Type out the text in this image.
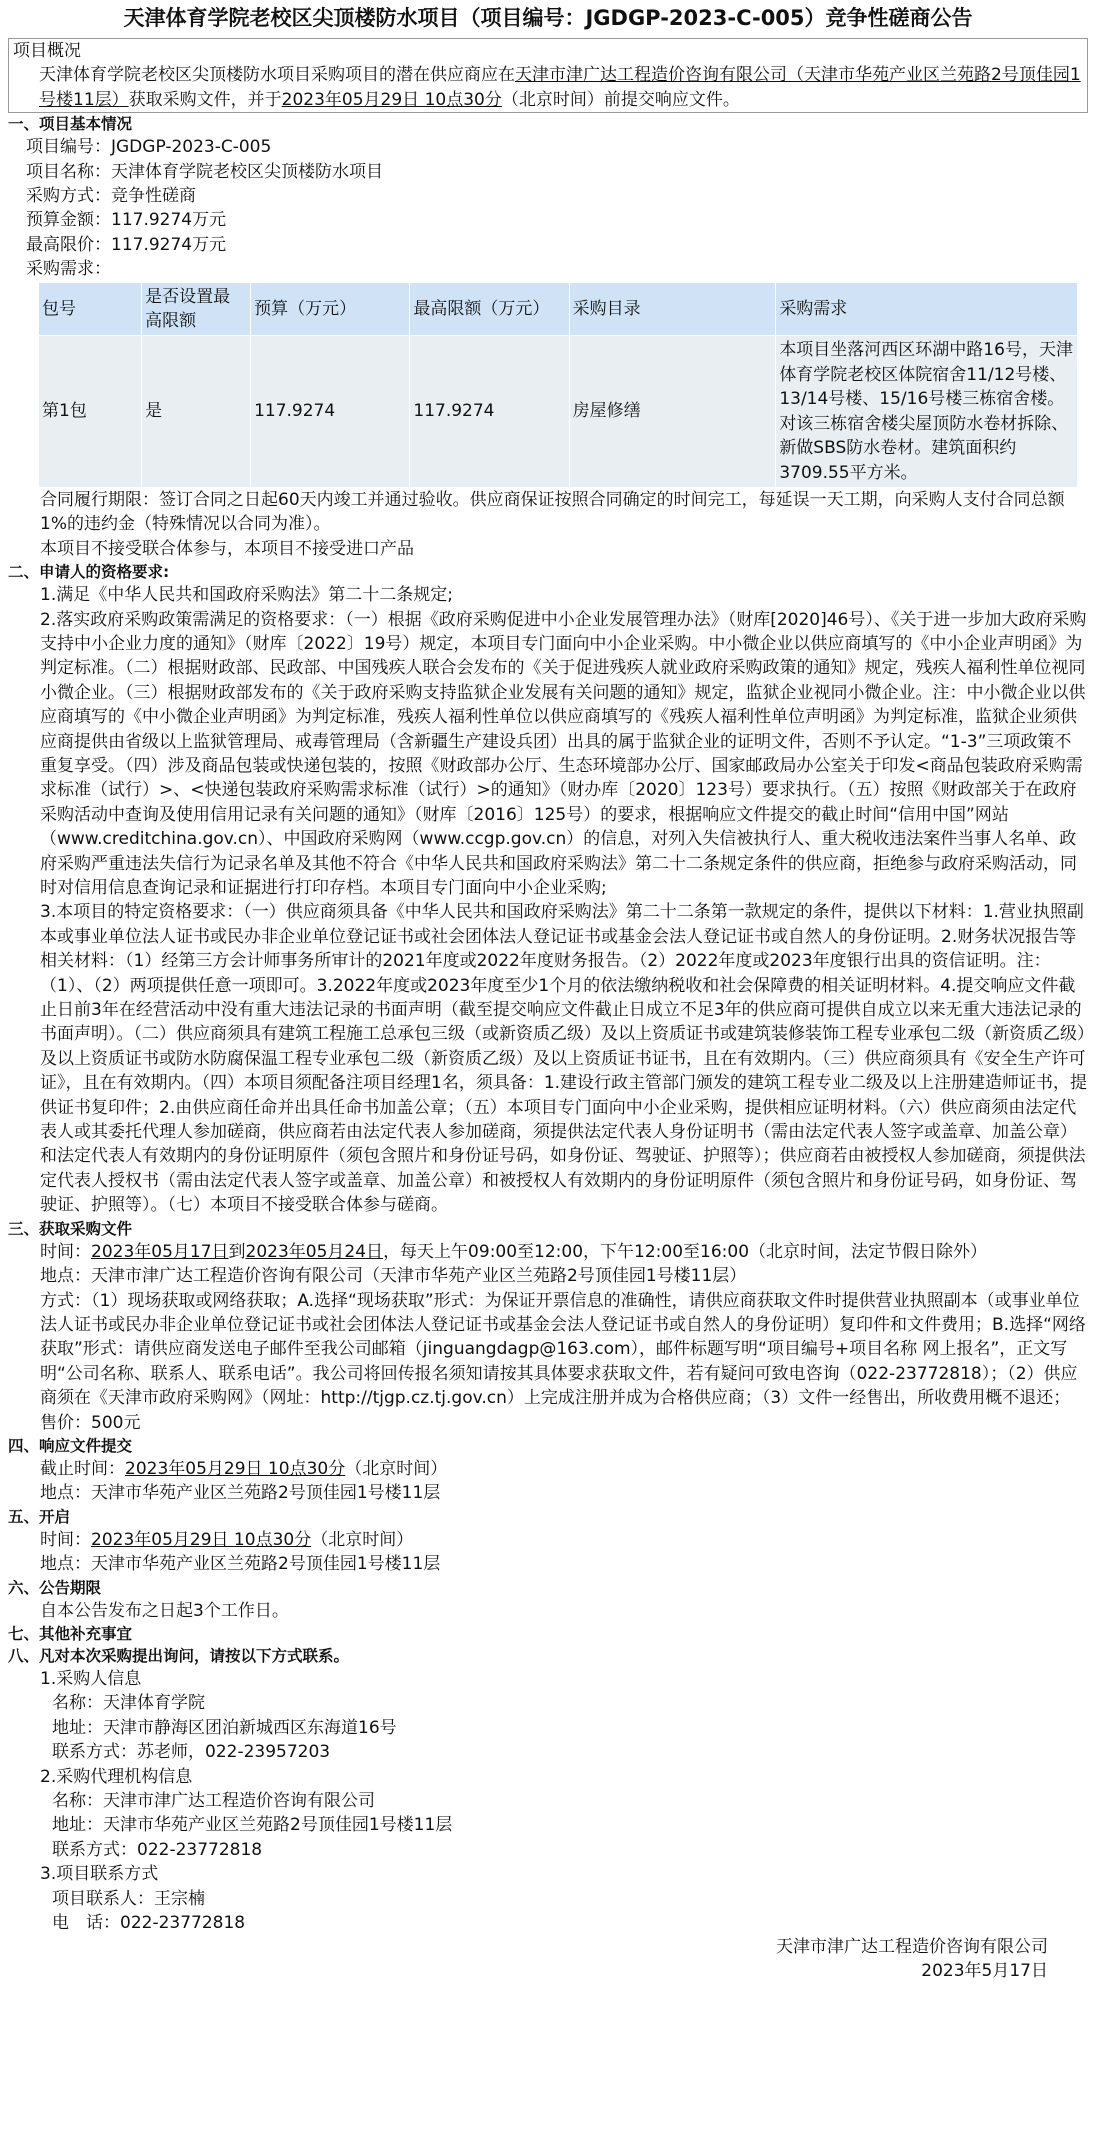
天津体育学院老校区尖顶楼防水项目（项目编号：JGDGP-2023-C-005）竞争性磋商公告
项目概况
天津体育学院老校区尖顶楼防水项目采购项目的潜在供应商应在天津市津广达工程造价咨询有限公司（天津市华苑产业区兰苑路2号顶佳园1号楼11层）获取采购文件，并于2023年05月29日 10点30分（北京时间）前提交响应文件。
一、项目基本情况

项目编号：JGDGP-2023-C-005

项目名称：天津体育学院老校区尖顶楼防水项目

采购方式：竞争性磋商

预算金额：117.9274万元

最高限价：117.9274万元

采购需求：

包号	是否设置最高限额	预算（万元）	最高限额（万元）	采购目录	采购需求
第1包	是	117.9274	117.9274	房屋修缮	本项目坐落河西区环湖中路16号，天津体育学院老校区体院宿舍11/12号楼、13/14号楼、15/16号楼三栋宿舍楼。对该三栋宿舍楼尖屋顶防水卷材拆除、新做SBS防水卷材。建筑面积约3709.55平方米。
合同履行期限：签订合同之日起60天内竣工并通过验收。供应商保证按照合同确定的时间完工，每延误一天工期，向采购人支付合同总额1%的违约金（特殊情况以合同为准）。
本项目不接受联合体参与，本项目不接受进口产品
二、申请人的资格要求:
1.满足《中华人民共和国政府采购法》第二十二条规定;
2.落实政府采购政策需满足的资格要求：（一）根据《政府采购促进中小企业发展管理办法》（财库[2020]46号）、《关于进一步加大政府采购支持中小企业力度的通知》（财库〔2022〕19号）规定，本项目专门面向中小企业采购。中小微企业以供应商填写的《中小企业声明函》为判定标准。（二）根据财政部、民政部、中国残疾人联合会发布的《关于促进残疾人就业政府采购政策的通知》规定，残疾人福利性单位视同小微企业。（三）根据财政部发布的《关于政府采购支持监狱企业发展有关问题的通知》规定，监狱企业视同小微企业。注：中小微企业以供应商填写的《中小微企业声明函》为判定标准，残疾人福利性单位以供应商填写的《残疾人福利性单位声明函》为判定标准，监狱企业须供应商提供由省级以上监狱管理局、戒毒管理局（含新疆生产建设兵团）出具的属于监狱企业的证明文件，否则不予认定。“1-3”三项政策不重复享受。（四）涉及商品包装或快递包装的，按照《财政部办公厅、生态环境部办公厅、国家邮政局办公室关于印发<商品包装政府采购需求标准（试行）>、<快递包装政府采购需求标准（试行）>的通知》（财办库〔2020〕123号）要求执行。（五）按照《财政部关于在政府采购活动中查询及使用信用记录有关问题的通知》（财库〔2016〕125号）的要求，根据响应文件提交的截止时间“信用中国”网站（www.creditchina.gov.cn）、中国政府采购网（www.ccgp.gov.cn）的信息，对列入失信被执行人、重大税收违法案件当事人名单、政府采购严重违法失信行为记录名单及其他不符合《中华人民共和国政府采购法》第二十二条规定条件的供应商，拒绝参与政府采购活动，同时对信用信息查询记录和证据进行打印存档。本项目专门面向中小企业采购;
3.本项目的特定资格要求：（一）供应商须具备《中华人民共和国政府采购法》第二十二条第一款规定的条件，提供以下材料：1.营业执照副本或事业单位法人证书或民办非企业单位登记证书或社会团体法人登记证书或基金会法人登记证书或自然人的身份证明。2.财务状况报告等相关材料：（1）经第三方会计师事务所审计的2021年度或2022年度财务报告。（2）2022年度或2023年度银行出具的资信证明。注：（1）、（2）两项提供任意一项即可。3.2022年度或2023年度至少1个月的依法缴纳税收和社会保障费的相关证明材料。4.提交响应文件截止日前3年在经营活动中没有重大违法记录的书面声明（截至提交响应文件截止日成立不足3年的供应商可提供自成立以来无重大违法记录的书面声明）。（二）供应商须具有建筑工程施工总承包三级（或新资质乙级）及以上资质证书或建筑装修装饰工程专业承包二级（新资质乙级）及以上资质证书或防水防腐保温工程专业承包二级（新资质乙级）及以上资质证书证书，且在有效期内。（三）供应商须具有《安全生产许可证》，且在有效期内。（四）本项目须配备注项目经理1名，须具备：1.建设行政主管部门颁发的建筑工程专业二级及以上注册建造师证书，提供证书复印件；2.由供应商任命并出具任命书加盖公章；（五）本项目专门面向中小企业采购，提供相应证明材料。（六）供应商须由法定代表人或其委托代理人参加磋商，供应商若由法定代表人参加磋商，须提供法定代表人身份证明书（需由法定代表人签字或盖章、加盖公章）和法定代表人有效期内的身份证明原件（须包含照片和身份证号码，如身份证、驾驶证、护照等）；供应商若由被授权人参加磋商，须提供法定代表人授权书（需由法定代表人签字或盖章、加盖公章）和被授权人有效期内的身份证明原件（须包含照片和身份证号码，如身份证、驾驶证、护照等）。（七）本项目不接受联合体参与磋商。
三、获取采购文件
时间：2023年05月17日到2023年05月24日，每天上午09:00至12:00，下午12:00至16:00（北京时间，法定节假日除外）
地点：天津市津广达工程造价咨询有限公司（天津市华苑产业区兰苑路2号顶佳园1号楼11层）
方式：（1）现场获取或网络获取；A.选择“现场获取”形式：为保证开票信息的准确性，请供应商获取文件时提供营业执照副本（或事业单位法人证书或民办非企业单位登记证书或社会团体法人登记证书或基金会法人登记证书或自然人的身份证明）复印件和文件费用；B.选择“网络获取”形式：请供应商发送电子邮件至我公司邮箱（jinguangdagp@163.com），邮件标题写明“项目编号+项目名称 网上报名”，正文写明“公司名称、联系人、联系电话”。我公司将回传报名须知请按其具体要求获取文件，若有疑问可致电咨询（022-23772818）；（2）供应商须在《天津市政府采购网》（网址：http://tjgp.cz.tj.gov.cn）上完成注册并成为合格供应商；（3）文件一经售出，所收费用概不退还；
售价：500元
四、响应文件提交
截止时间：2023年05月29日 10点30分（北京时间）
地点：天津市华苑产业区兰苑路2号顶佳园1号楼11层
五、开启
时间：2023年05月29日 10点30分（北京时间）
地点：天津市华苑产业区兰苑路2号顶佳园1号楼11层
六、公告期限
自本公告发布之日起3个工作日。
七、其他补充事宜
八、凡对本次采购提出询问，请按以下方式联系。
1.采购人信息
名称：天津体育学院
地址：天津市静海区团泊新城西区东海道16号
联系方式：苏老师，022-23957203
2.采购代理机构信息
名称：天津市津广达工程造价咨询有限公司
地址：天津市华苑产业区兰苑路2号顶佳园1号楼11层
联系方式：022-23772818
3.项目联系方式
项目联系人：王宗楠
电　话：022-23772818
天津市津广达工程造价咨询有限公司
2023年5月17日
